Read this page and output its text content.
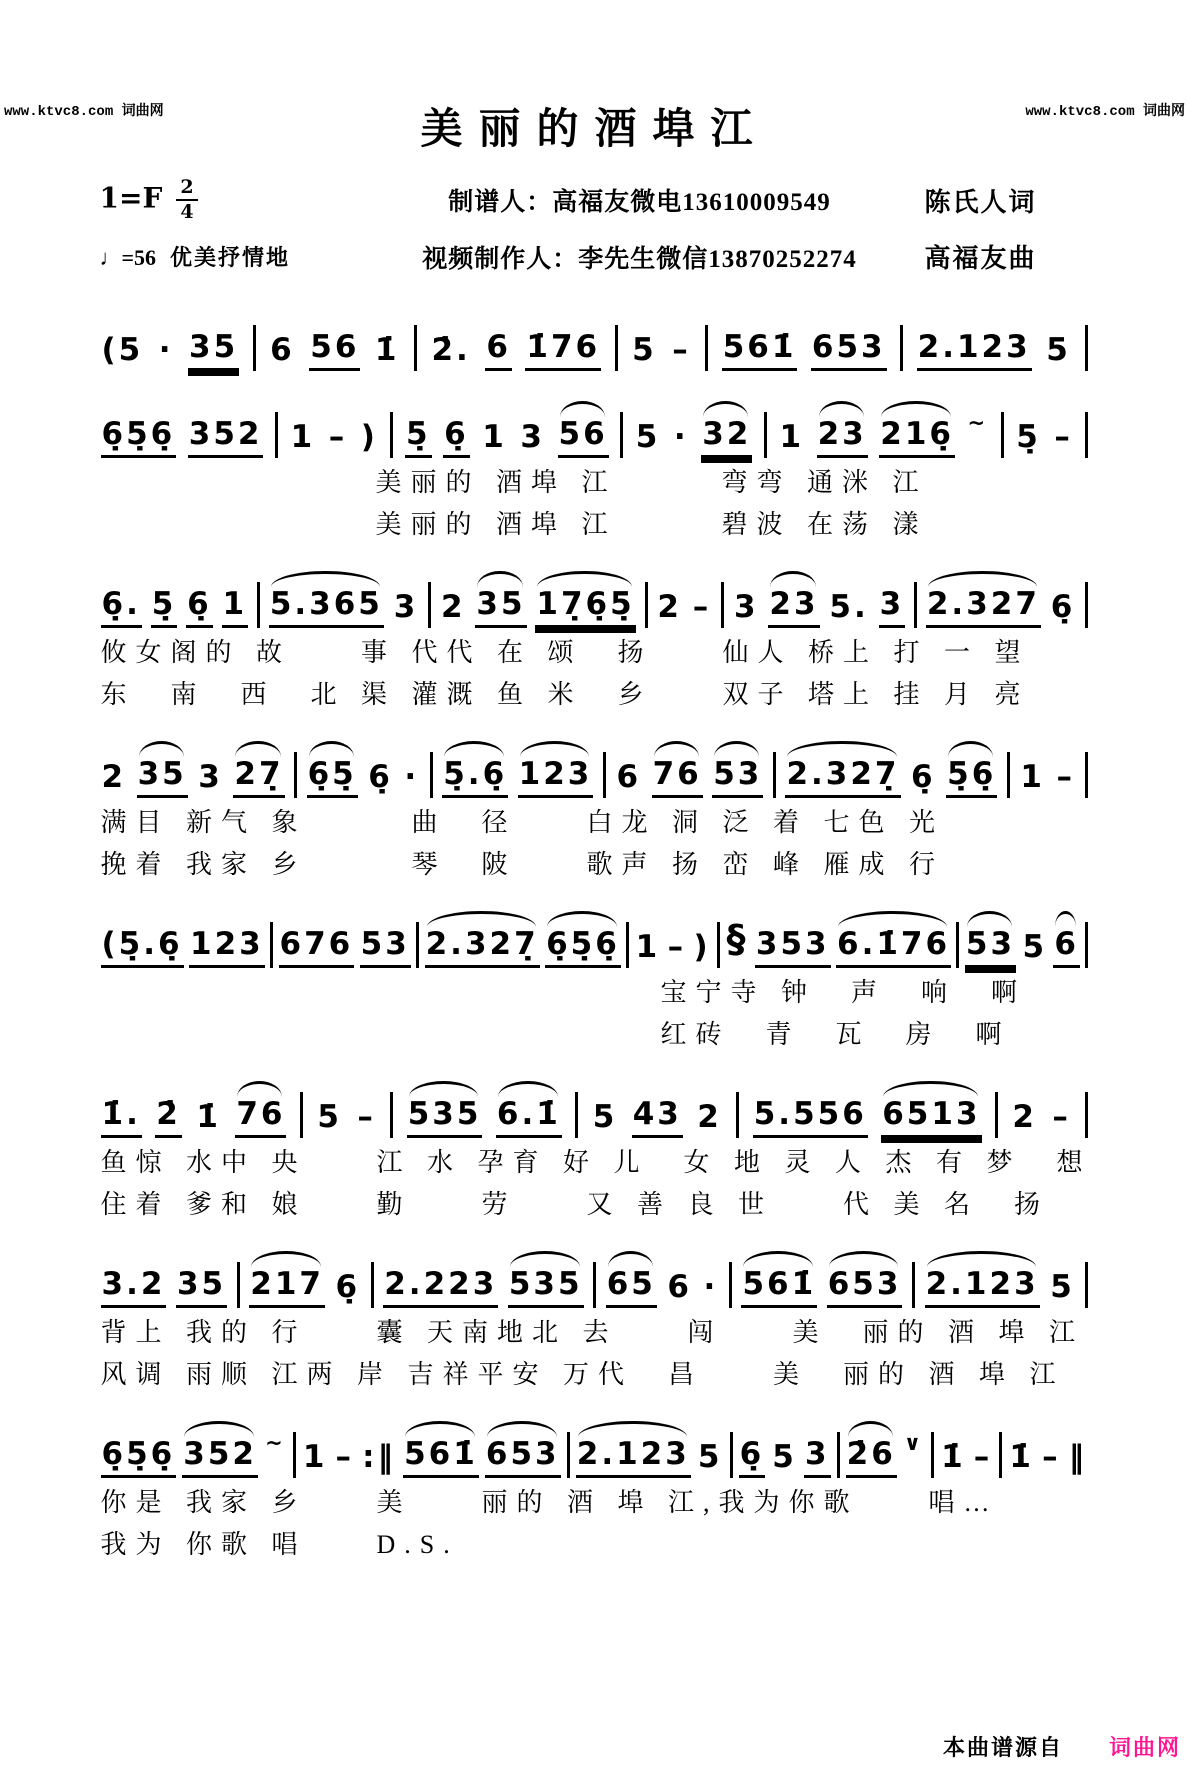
www.ktvc8.com 词曲网	www.ktvc8.com 词曲网
美丽的酒埠江
$1=F \frac{2}{4}$	制谱人：高福友微电13610009549	陈氏人词
♩=56 优美抒情地	视频制作人：李先生微信13870252274	高福友曲
(5 · 35 6 56 1̇ 2̇. 6 1̇76 5 – 561̇ 653 2.123 5
6̣5̣6̣ 352 1 – ) 5̣ 6̣ 1 3 56 5 · 32 1 23 216̣ ~ 5̣ –
美丽的 酒埠 江　　　弯弯 通洣 江
美丽的 酒埠 江　　　碧波 在荡 漾
6̣. 5̣ 6̣ 1 5.365 3 2 35 17̣6̣5̣ 2 – 3 23 5. 3 2.327 6̣
攸女阁的 故　　事 代代 在 颂　扬　　仙人 桥上 打 一 望
东　南　西　北 渠 灌溉 鱼 米　乡　　双子 塔上 挂 月 亮
2 35 3 27̣ 6̣5̣ 6̣ · 5̣.6̣ 123 6 76 53 2.327̣ 6̣ 5̣6̣ 1 –
满目 新气 象　　　曲　径　　白龙 洞 泛 着 七色 光
挽着 我家 乡　　　琴　陂　　歌声 扬 峦 峰 雁成 行
(5̣.6̣ 123 676 53 2.327̣ 6̣5̣6̣ 1 – ) § 353 6.1̇76 53 5 6
宝宁寺 钟　声　响　啊
红砖　青　瓦　房　啊
1̇. 2̇ 1̇ 76 5 – 535 6.1̇ 5 43 2 5.556 6513 2 –
鱼惊 水中 央　　江 水 孕育 好 儿　女 地 灵 人 杰 有 梦　想
住着 爹和 娘　　勤　　劳　　又 善 良 世　　代 美 名　扬
3.2 35 217 6̣ 2.223 535 65 6 · 561̇ 653 2.123 5
背上 我的 行　　囊 天南地北 去　　闯　　美　丽的 酒 埠 江
风调 雨顺 江两 岸 吉祥平安 万代　昌　　美　丽的 酒 埠 江
6̣5̣6̣ 352 ~ 1 – :‖ 561̇ 653 2.123 5 6̣ 5 3 2̇6 ∨ 1̇ – 1̇ – ‖
你是 我家 乡　　美　　丽的 酒 埠 江,我为你歌　　唱…
我为 你歌 唱　　D.S.
本曲谱源自 词曲网
